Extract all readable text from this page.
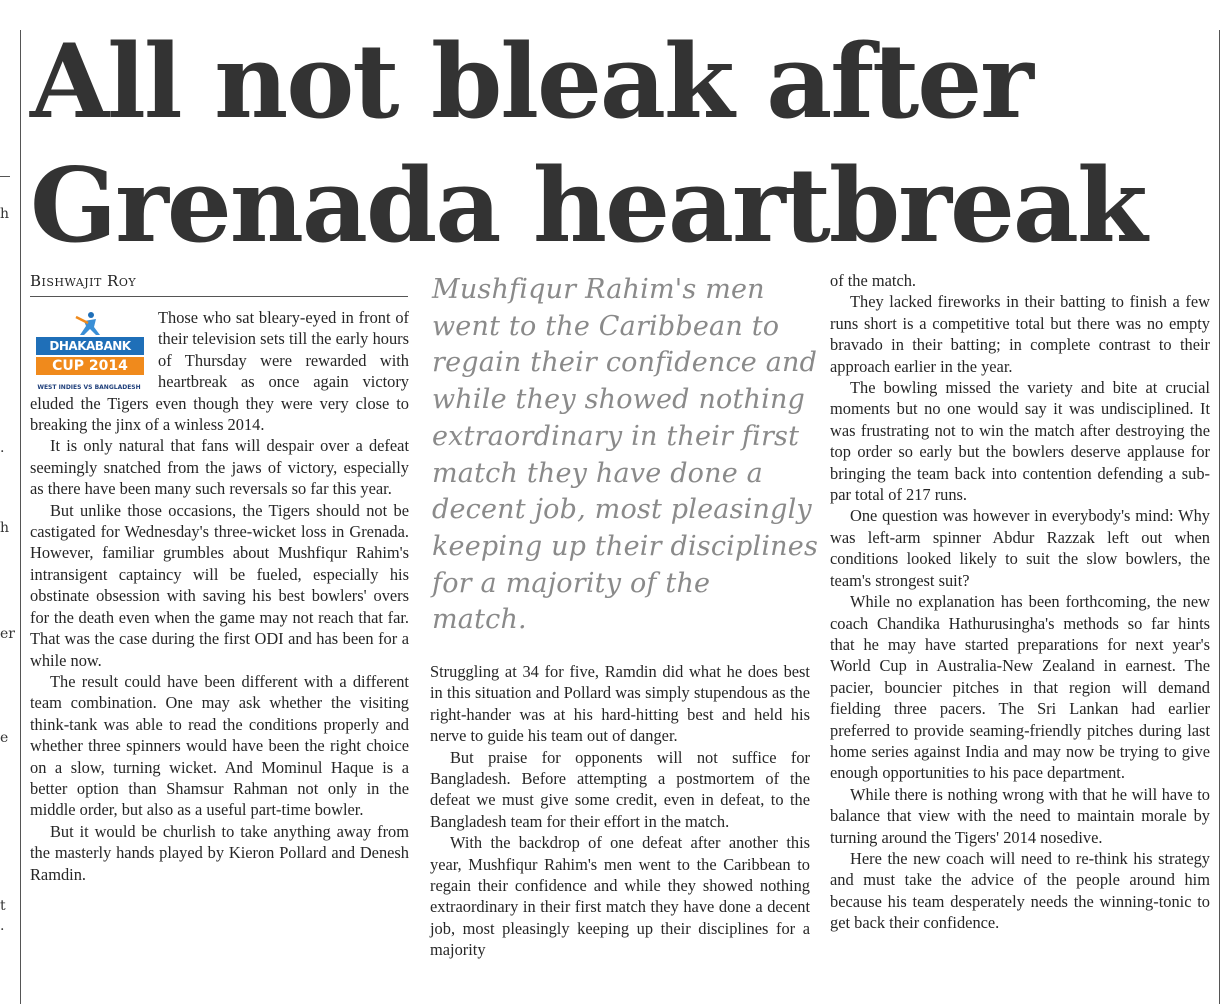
h
.
h
er
e
t
.
All not bleak after
Grenada heartbreak
Bishwajit Roy
DHAKABANK
CUP 2014
WEST INDIES VS BANGLADESH

Those who sat bleary-eyed in front of their television sets till the early hours of Thursday were rewarded with heartbreak as once again victory eluded the Tigers even though they were very close to breaking the jinx of a winless 2014.

It is only natural that fans will despair over a defeat seemingly snatched from the jaws of victory, especially as there have been many such reversals so far this year.

But unlike those occasions, the Tigers should not be castigated for Wednesday's three-wicket loss in Grenada. However, familiar grumbles about Mushfiqur Rahim's intransigent captaincy will be fueled, especially his obstinate obsession with saving his best bowlers' overs for the death even when the game may not reach that far. That was the case during the first ODI and has been for a while now.

The result could have been different with a different team combination. One may ask whether the visiting think-tank was able to read the conditions properly and whether three spinners would have been the right choice on a slow, turning wicket. And Mominul Haque is a better option than Shamsur Rahman not only in the middle order, but also as a useful part-time bowler.

But it would be churlish to take anything away from the masterly hands played by Kieron Pollard and Denesh Ramdin.

Mushfiqur Rahim's men
went to the Caribbean to
regain their confidence and
while they showed nothing
extraordinary in their first
match they have done a
decent job, most pleasingly
keeping up their disciplines
for a majority of the
match.

Struggling at 34 for five, Ramdin did what he does best in this situation and Pollard was simply stupendous as the right-hander was at his hard-hitting best and held his nerve to guide his team out of danger.

But praise for opponents will not suffice for Bangladesh. Before attempting a postmortem of the defeat we must give some credit, even in defeat, to the Bangladesh team for their effort in the match.

With the backdrop of one defeat after another this year, Mushfiqur Rahim's men went to the Caribbean to regain their confidence and while they showed nothing extraordinary in their first match they have done a decent job, most pleasingly keeping up their disciplines for a majority

of the match.

They lacked fireworks in their batting to finish a few runs short is a competitive total but there was no empty bravado in their batting; in complete contrast to their approach earlier in the year.

The bowling missed the variety and bite at crucial moments but no one would say it was undisciplined. It was frustrating not to win the match after destroying the top order so early but the bowlers deserve applause for bringing the team back into contention defending a sub-par total of 217 runs.

One question was however in everybody's mind: Why was left-arm spinner Abdur Razzak left out when conditions looked likely to suit the slow bowlers, the team's strongest suit?

While no explanation has been forthcoming, the new coach Chandika Hathurusingha's methods so far hints that he may have started preparations for next year's World Cup in Australia-New Zealand in earnest. The pacier, bouncier pitches in that region will demand fielding three pacers. The Sri Lankan had earlier preferred to provide seaming-friendly pitches during last home series against India and may now be trying to give enough opportunities to his pace department.

While there is nothing wrong with that he will have to balance that view with the need to maintain morale by turning around the Tigers' 2014 nosedive.

Here the new coach will need to re-think his strategy and must take the advice of the people around him because his team desperately needs the winning-tonic to get back their confidence.
